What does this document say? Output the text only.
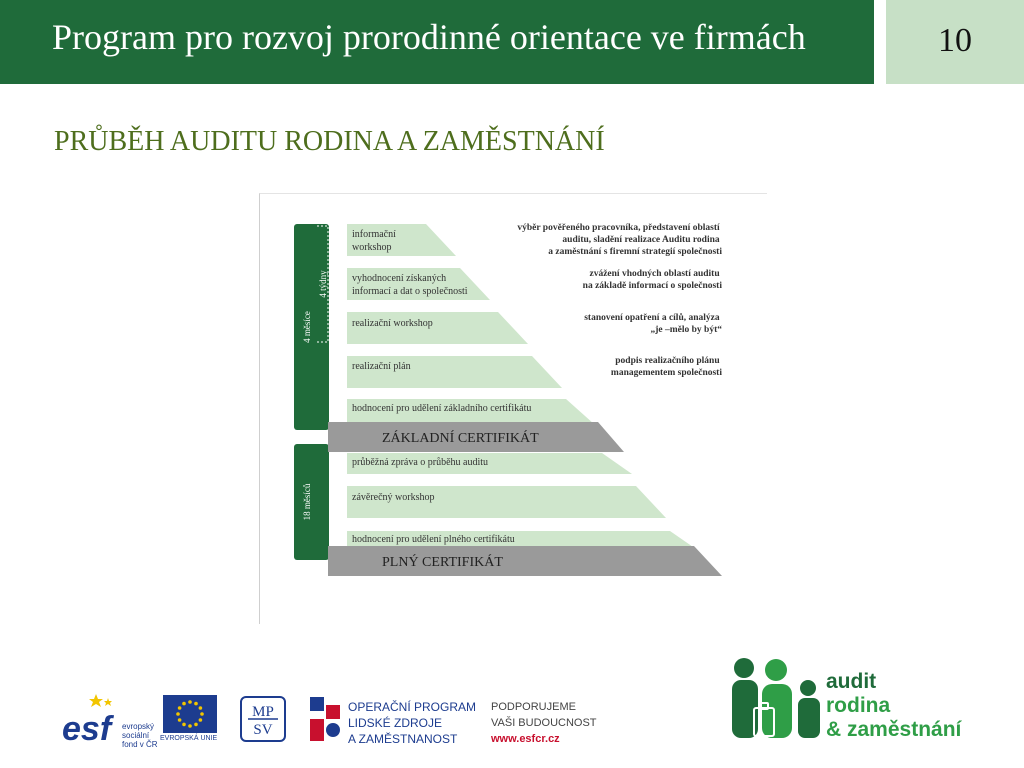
Program pro rozvoj prorodinné orientace ve firmách	10
PRŮBĚH AUDITU RODINA A ZAMĚSTNÁNÍ
4 měsíce
4 týdny
18 měsíců
informační workshop
vyhodnocení získaných informací a dat o společnosti
realizační workshop
realizační plán
hodnocení pro udělení základního certifikátu
průběžná zpráva o průběhu auditu
závěrečný workshop
hodnocení pro udělení plného certifikátu
ZÁKLADNÍ CERTIFIKÁT
PLNÝ CERTIFIKÁT
výběr pověřeného pracovníka, představení oblastí auditu, sladění realizace Auditu rodina a zaměstnání s firemní strategií společnosti
zvážení vhodných oblastí auditu na základě informací o společnosti
stanovení opatření a cílů, analýza „je –mělo by být“
podpis realizačního plánu managementem společnosti
esf	evropský sociální fond v ČR
EVROPSKÁ UNIE
MP
SV
OPERAČNÍ PROGRAM
LIDSKÉ ZDROJE
A ZAMĚSTNANOST
PODPORUJEME
VAŠI BUDOUCNOST
www.esfcr.cz
audit
rodina
& zaměstnání
